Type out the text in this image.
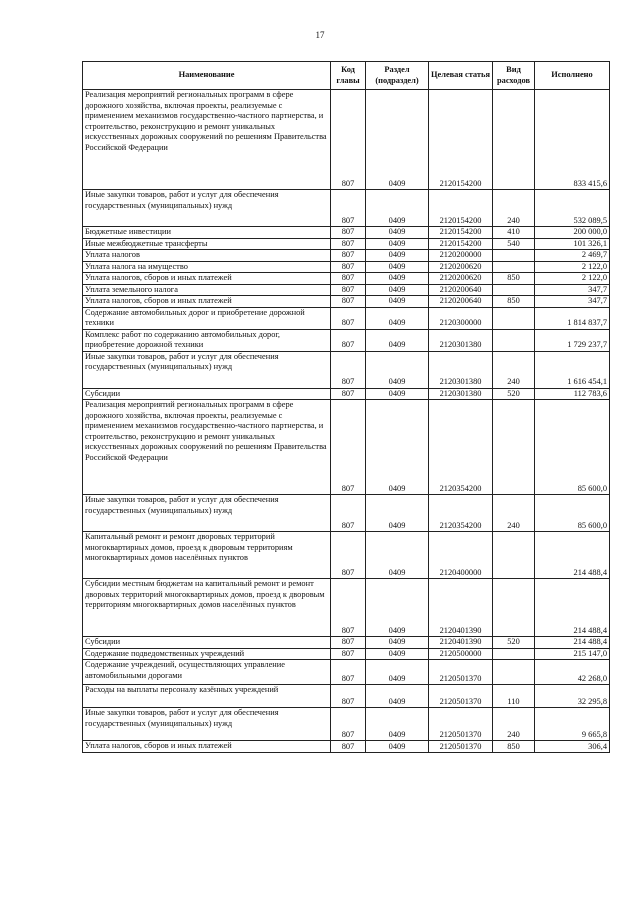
17
Наименование	Код главы	Раздел (подраздел)	Целевая статья	Вид расходов	Исполнено
Реализация мероприятий региональных программ в сфере дорожного хозяйства, включая проекты, реализуемые с применением механизмов государственно-частного партнерства, и строительство, реконструкцию и ремонт уникальных искусственных дорожных сооружений по решениям Правительства Российской Федерации	807	0409	2120154200		833 415,6
Иные закупки товаров, работ и услуг для обеспечения государственных (муниципальных) нужд	807	0409	2120154200	240	532 089,5
Бюджетные инвестиции	807	0409	2120154200	410	200 000,0
Иные межбюджетные трансферты	807	0409	2120154200	540	101 326,1
Уплата налогов	807	0409	2120200000		2 469,7
Уплата налога на имущество	807	0409	2120200620		2 122,0
Уплата налогов, сборов и иных платежей	807	0409	2120200620	850	2 122,0
Уплата земельного налога	807	0409	2120200640		347,7
Уплата налогов, сборов и иных платежей	807	0409	2120200640	850	347,7
Содержание автомобильных дорог и приобретение дорожной техники	807	0409	2120300000		1 814 837,7
Комплекс работ по содержанию автомобильных дорог, приобретение дорожной техники	807	0409	2120301380		1 729 237,7
Иные закупки товаров, работ и услуг для обеспечения государственных (муниципальных) нужд	807	0409	2120301380	240	1 616 454,1
Субсидии	807	0409	2120301380	520	112 783,6
Реализация мероприятий региональных программ в сфере дорожного хозяйства, включая проекты, реализуемые с применением механизмов государственно-частного партнерства, и строительство, реконструкцию и ремонт уникальных искусственных дорожных сооружений по решениям Правительства Российской Федерации	807	0409	2120354200		85 600,0
Иные закупки товаров, работ и услуг для обеспечения государственных (муниципальных) нужд	807	0409	2120354200	240	85 600,0
Капитальный ремонт и ремонт дворовых территорий многоквартирных домов, проезд к дворовым территориям многоквартирных домов населённых пунктов	807	0409	2120400000		214 488,4
Субсидии местным бюджетам на капитальный ремонт и ремонт дворовых территорий многоквартирных домов, проезд к дворовым территориям многоквартирных домов населённых пунктов	807	0409	2120401390		214 488,4
Субсидии	807	0409	2120401390	520	214 488,4
Содержание подведомственных учреждений	807	0409	2120500000		215 147,0
Содержание учреждений, осуществляющих управление автомобильными дорогами	807	0409	2120501370		42 268,0
Расходы на выплаты персоналу казённых учреждений	807	0409	2120501370	110	32 295,8
Иные закупки товаров, работ и услуг для обеспечения государственных (муниципальных) нужд	807	0409	2120501370	240	9 665,8
Уплата налогов, сборов и иных платежей	807	0409	2120501370	850	306,4
